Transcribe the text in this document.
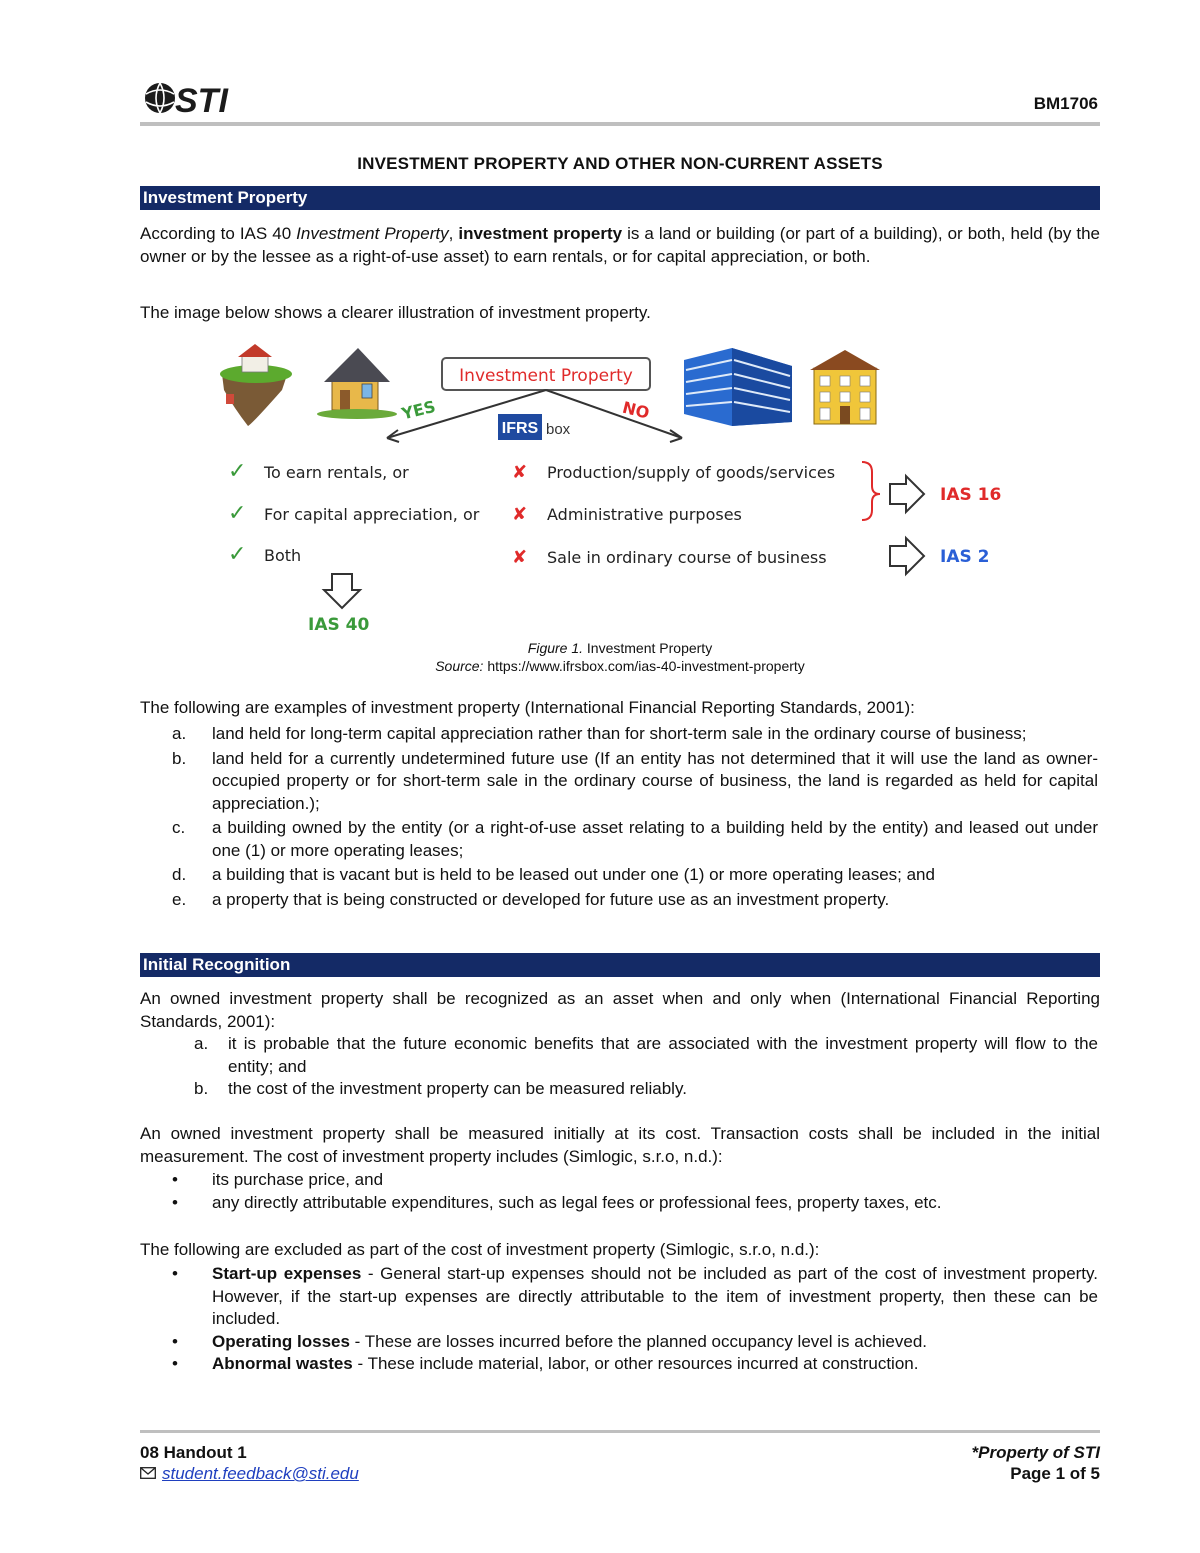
STI	BM1706
INVESTMENT PROPERTY AND OTHER NON-CURRENT ASSETS
Investment Property
According to IAS 40 Investment Property, investment property is a land or building (or part of a building), or both, held (by the owner or by the lessee as a right-of-use asset) to earn rentals, or for capital appreciation, or both.
The image below shows a clearer illustration of investment property.
Investment Property
YES	NO
IFRS box
✓ To earn rentals, or
✓ For capital appreciation, or
✓ Both
✘ Production/supply of goods/services
✘ Administrative purposes
✘ Sale in ordinary course of business
IAS 16
IAS 2
IAS 40
Figure 1. Investment Property
Source: https://www.ifrsbox.com/ias-40-investment-property
The following are examples of investment property (International Financial Reporting Standards, 2001):
a. land held for long-term capital appreciation rather than for short-term sale in the ordinary course of business;
b. land held for a currently undetermined future use (If an entity has not determined that it will use the land as owner-occupied property or for short-term sale in the ordinary course of business, the land is regarded as held for capital appreciation.);
c. a building owned by the entity (or a right-of-use asset relating to a building held by the entity) and leased out under one (1) or more operating leases;
d. a building that is vacant but is held to be leased out under one (1) or more operating leases; and
e. a property that is being constructed or developed for future use as an investment property.
Initial Recognition
An owned investment property shall be recognized as an asset when and only when (International Financial Reporting Standards, 2001):
a. it is probable that the future economic benefits that are associated with the investment property will flow to the entity; and
b. the cost of the investment property can be measured reliably.
An owned investment property shall be measured initially at its cost. Transaction costs shall be included in the initial measurement. The cost of investment property includes (Simlogic, s.r.o, n.d.):
• its purchase price, and
• any directly attributable expenditures, such as legal fees or professional fees, property taxes, etc.
The following are excluded as part of the cost of investment property (Simlogic, s.r.o, n.d.):
• Start-up expenses - General start-up expenses should not be included as part of the cost of investment property. However, if the start-up expenses are directly attributable to the item of investment property, then these can be included.
• Operating losses - These are losses incurred before the planned occupancy level is achieved.
• Abnormal wastes - These include material, labor, or other resources incurred at construction.
08 Handout 1
student.feedback@sti.edu
*Property of STI
Page 1 of 5
